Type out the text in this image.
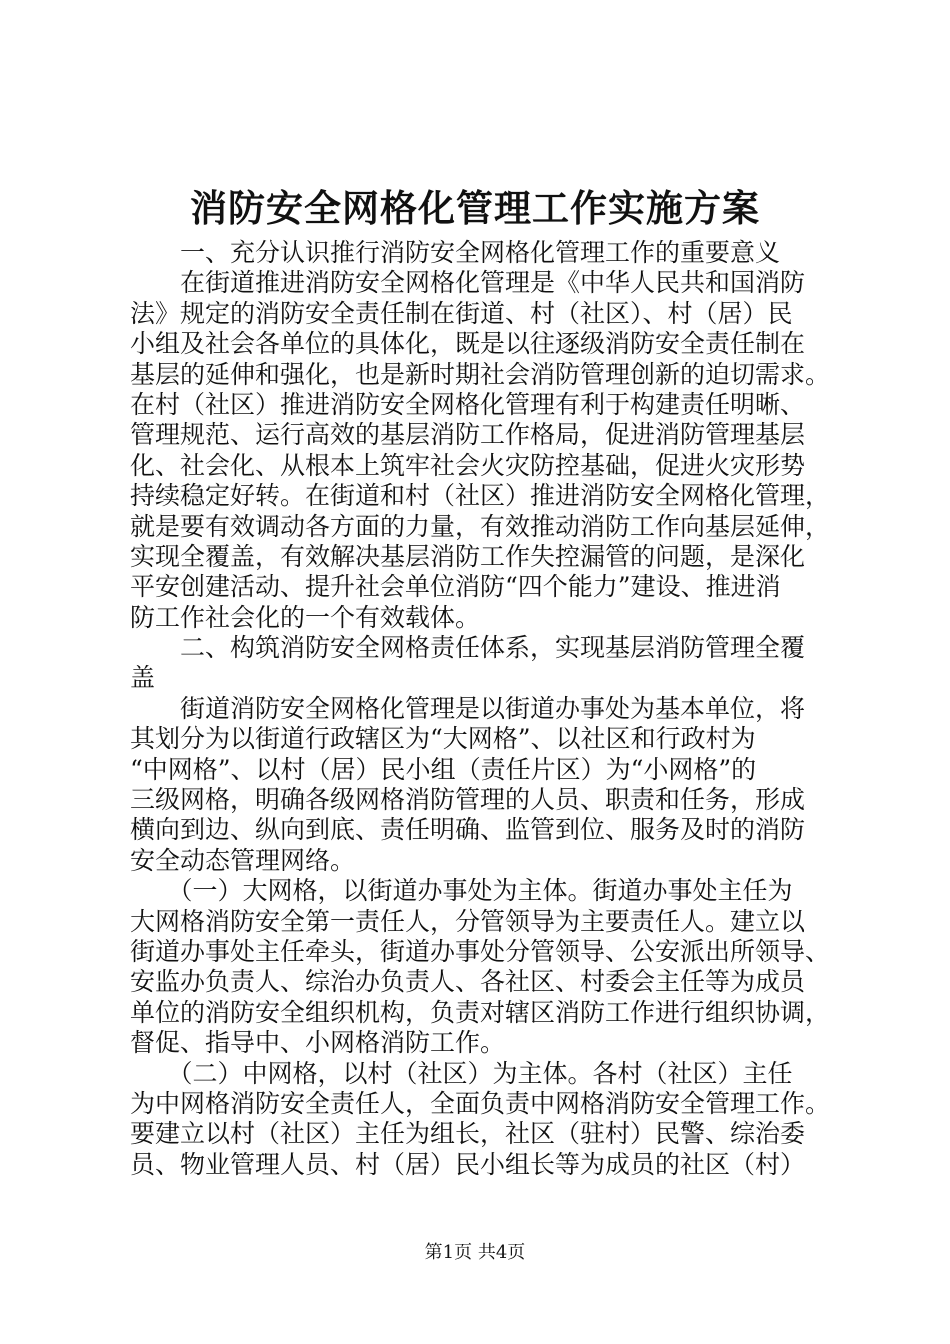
消防安全网格化管理工作实施方案
　　一、充分认识推行消防安全网格化管理工作的重要意义
　　在街道推进消防安全网格化管理是《中华人民共和国消防
法》规定的消防安全责任制在街道、村（社区）、村（居）民
小组及社会各单位的具体化，既是以往逐级消防安全责任制在
基层的延伸和强化，也是新时期社会消防管理创新的迫切需求。
在村（社区）推进消防安全网格化管理有利于构建责任明晰、
管理规范、运行高效的基层消防工作格局，促进消防管理基层
化、社会化、从根本上筑牢社会火灾防控基础，促进火灾形势
持续稳定好转。在街道和村（社区）推进消防安全网格化管理，
就是要有效调动各方面的力量，有效推动消防工作向基层延伸，
实现全覆盖，有效解决基层消防工作失控漏管的问题，是深化
平安创建活动、提升社会单位消防“四个能力”建设、推进消
防工作社会化的一个有效载体。
　　二、构筑消防安全网格责任体系，实现基层消防管理全覆
盖
　　街道消防安全网格化管理是以街道办事处为基本单位，将
其划分为以街道行政辖区为“大网格”、以社区和行政村为
“中网格”、以村（居）民小组（责任片区）为“小网格”的
三级网格，明确各级网格消防管理的人员、职责和任务，形成
横向到边、纵向到底、责任明确、监管到位、服务及时的消防
安全动态管理网络。
　　（一）大网格，以街道办事处为主体。街道办事处主任为
大网格消防安全第一责任人，分管领导为主要责任人。建立以
街道办事处主任牵头，街道办事处分管领导、公安派出所领导、
安监办负责人、综治办负责人、各社区、村委会主任等为成员
单位的消防安全组织机构，负责对辖区消防工作进行组织协调，
督促、指导中、小网格消防工作。
　　（二）中网格，以村（社区）为主体。各村（社区）主任
为中网格消防安全责任人，全面负责中网格消防安全管理工作。
要建立以村（社区）主任为组长，社区（驻村）民警、综治委
员、物业管理人员、村（居）民小组长等为成员的社区（村）
第1页 共4页
